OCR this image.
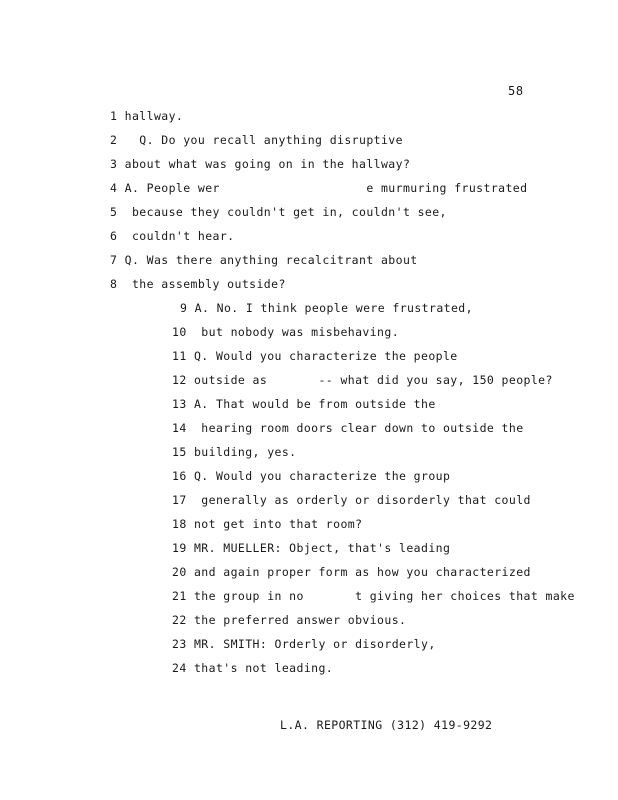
58
1 hallway.
2   Q. Do you recall anything disruptive
3 about what was going on in the hallway?
4 A. People wer                    e murmuring frustrated
5  because they couldn't get in, couldn't see,
6  couldn't hear.
7 Q. Was there anything recalcitrant about
8  the assembly outside?
9 A. No. I think people were frustrated,
10  but nobody was misbehaving.
11 Q. Would you characterize the people
12 outside as       -- what did you say, 150 people?
13 A. That would be from outside the
14  hearing room doors clear down to outside the
15 building, yes.
16 Q. Would you characterize the group
17  generally as orderly or disorderly that could
18 not get into that room?
19 MR. MUELLER: Object, that's leading
20 and again proper form as how you characterized
21 the group in no       t giving her choices that make
22 the preferred answer obvious.
23 MR. SMITH: Orderly or disorderly,
24 that's not leading.
L.A. REPORTING (312) 419-9292
